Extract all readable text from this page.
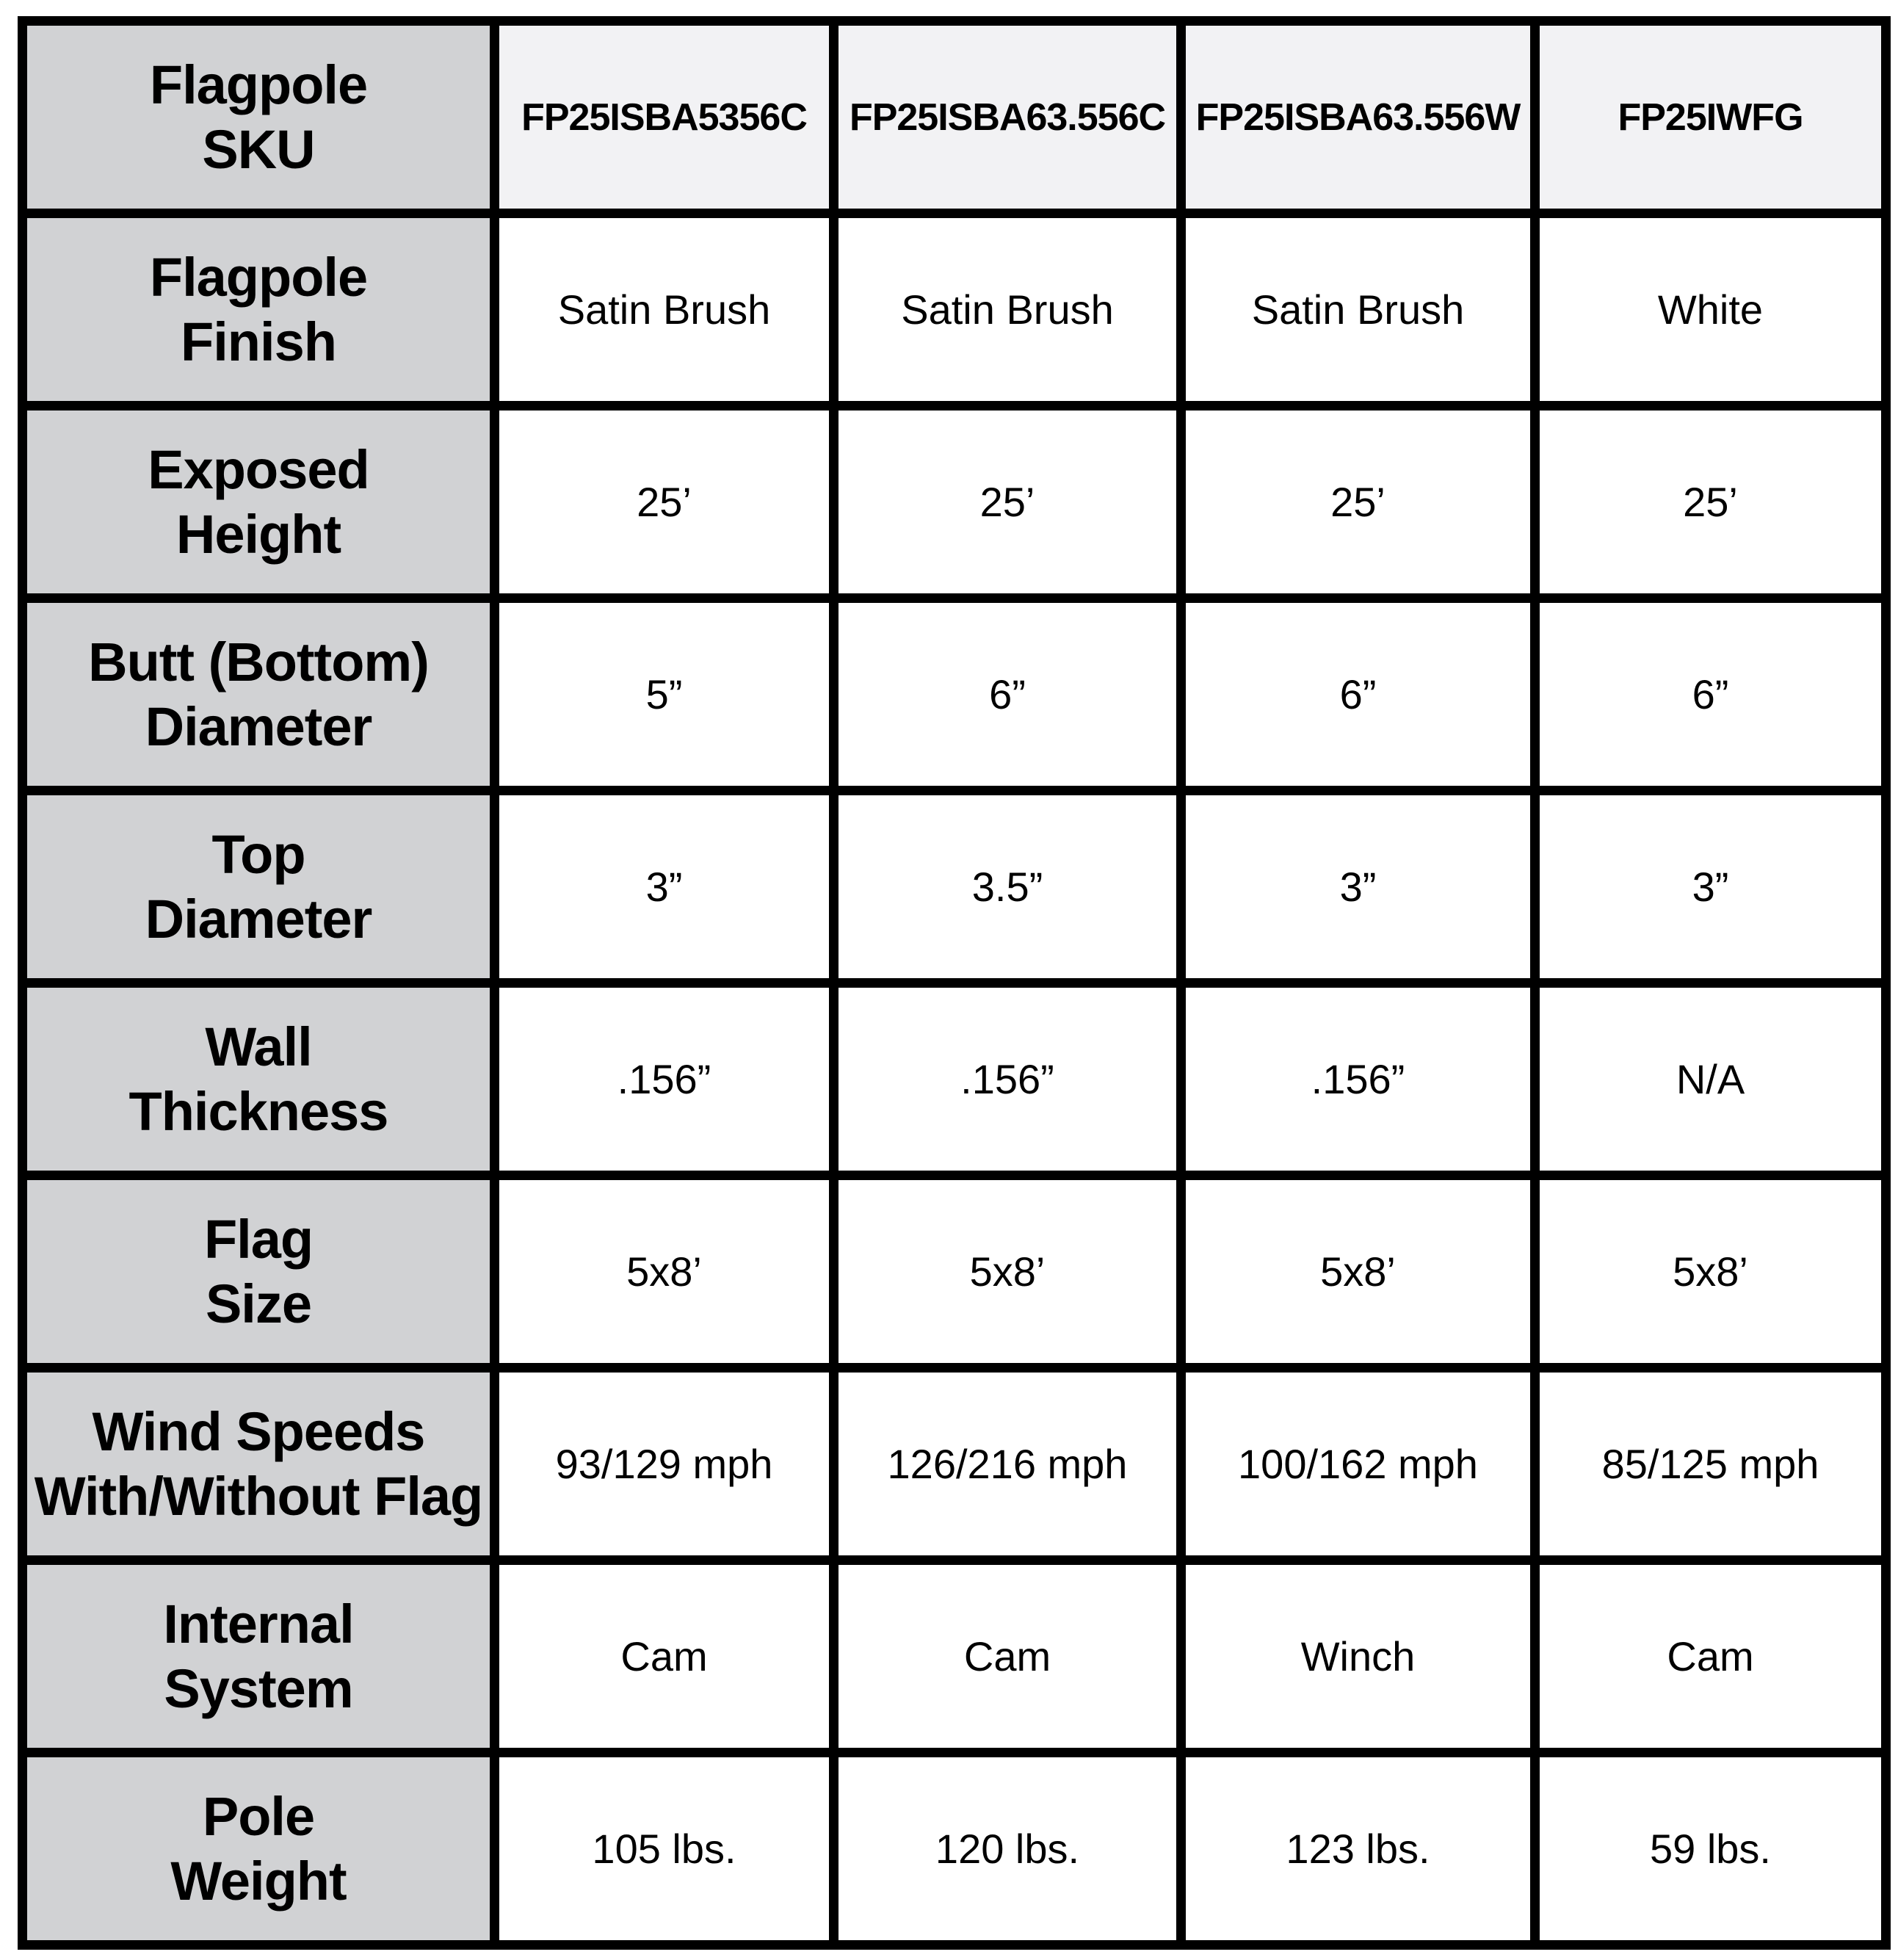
Flagpole
SKU	FP25ISBA5356C	FP25ISBA63.556C	FP25ISBA63.556W	FP25IWFG
Flagpole
Finish	Satin Brush	Satin Brush	Satin Brush	White
Exposed
Height	25’	25’	25’	25’
Butt (Bottom)
Diameter	5”	6”	6”	6”
Top
Diameter	3”	3.5”	3”	3”
Wall
Thickness	.156”	.156”	.156”	N/A
Flag
Size	5x8’	5x8’	5x8’	5x8’
Wind Speeds
With/Without Flag	93/129 mph	126/216 mph	100/162 mph	85/125 mph
Internal
System	Cam	Cam	Winch	Cam
Pole
Weight	105 lbs.	120 lbs.	123 lbs.	59 lbs.
